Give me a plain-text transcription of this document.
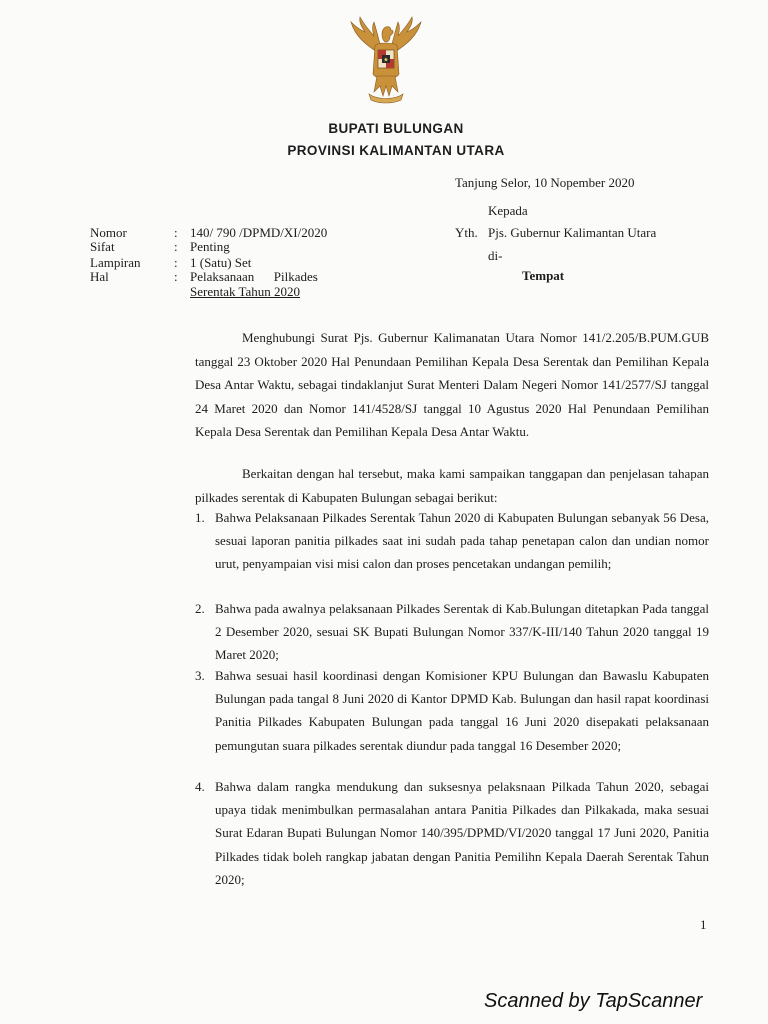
★
BUPATI BULUNGAN
PROVINSI KALIMANTAN UTARA
Tanjung Selor, 10 Nopember 2020
Kepada
Yth. Pjs. Gubernur Kalimantan Utara
di-
Tempat
Nomor	: 140/ 790 /DPMD/XI/2020
Sifat	: Penting
Lampiran	: 1 (Satu) Set
Hal	: Pelaksanaan      Pilkades
Serentak Tahun 2020
Menghubungi Surat Pjs. Gubernur Kalimanatan Utara Nomor 141/2.205/B.PUM.GUB tanggal 23 Oktober 2020 Hal Penundaan Pemilihan Kepala Desa Serentak dan Pemilihan Kepala Desa Antar Waktu, sebagai tindaklanjut Surat Menteri Dalam Negeri Nomor 141/2577/SJ tanggal 24 Maret 2020 dan Nomor 141/4528/SJ tanggal 10 Agustus 2020 Hal Penundaan Pemilihan Kepala Desa Serentak dan Pemilihan Kepala Desa Antar Waktu.
Berkaitan dengan hal tersebut, maka kami sampaikan tanggapan dan penjelasan tahapan pilkades serentak di Kabupaten Bulungan sebagai berikut:
1. Bahwa Pelaksanaan Pilkades Serentak Tahun 2020 di Kabupaten Bulungan sebanyak 56 Desa, sesuai laporan panitia pilkades saat ini sudah pada tahap penetapan calon dan undian nomor urut, penyampaian visi misi calon dan proses pencetakan undangan pemilih;
2. Bahwa pada awalnya pelaksanaan Pilkades Serentak di Kab.Bulungan ditetapkan Pada tanggal 2 Desember 2020, sesuai SK Bupati Bulungan Nomor 337/K-III/140 Tahun 2020 tanggal 19 Maret 2020;
3. Bahwa sesuai hasil koordinasi dengan Komisioner KPU Bulungan dan Bawaslu Kabupaten Bulungan pada tangal 8 Juni 2020 di Kantor DPMD Kab. Bulungan dan hasil rapat koordinasi Panitia Pilkades Kabupaten Bulungan pada tanggal 16 Juni 2020 disepakati pelaksanaan pemungutan suara pilkades serentak diundur pada tanggal 16 Desember 2020;
4. Bahwa dalam rangka mendukung dan suksesnya pelaksnaan Pilkada Tahun 2020, sebagai upaya tidak menimbulkan permasalahan antara Panitia Pilkades dan Pilkakada, maka sesuai Surat Edaran Bupati Bulungan Nomor 140/395/DPMD/VI/2020 tanggal 17 Juni 2020, Panitia Pilkades tidak boleh rangkap jabatan dengan Panitia Pemilihn Kepala Daerah Serentak Tahun 2020;
1
Scanned by TapScanner
